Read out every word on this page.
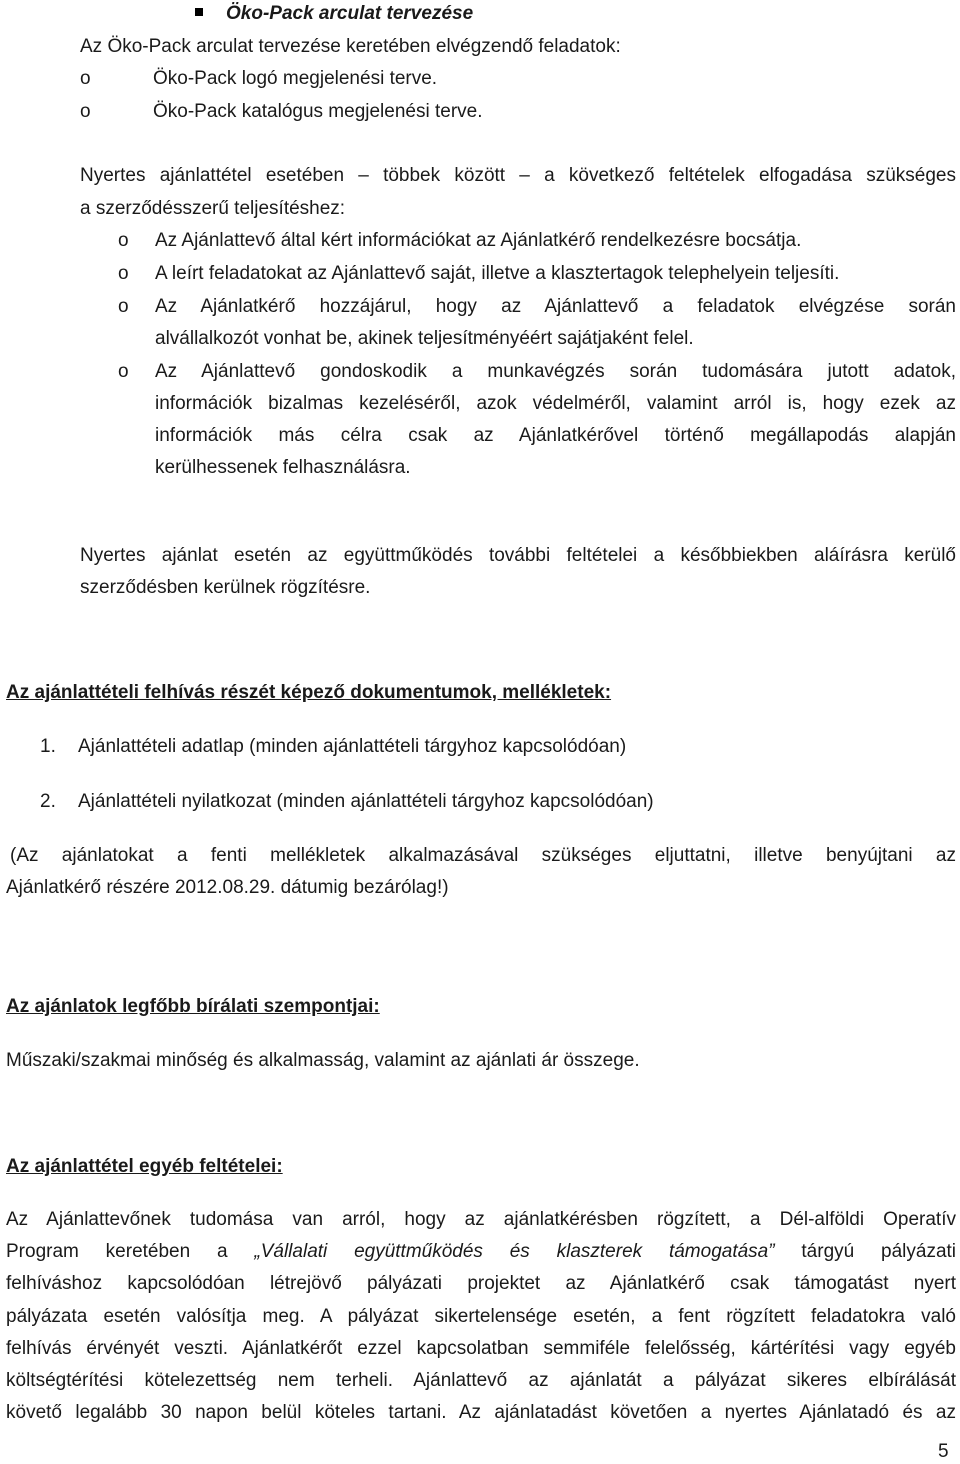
Öko-Pack arculat tervezése
Az Öko-Pack arculat tervezése keretében elvégzendő feladatok:
o	Öko-Pack logó megjelenési terve.
o	Öko-Pack katalógus megjelenési terve.
Nyertes ajánlattétel esetében – többek között – a következő feltételek elfogadása szükséges
a szerződésszerű teljesítéshez:
o Az Ajánlattevő által kért információkat az Ajánlatkérő rendelkezésre bocsátja.
o A leírt feladatokat az Ajánlattevő saját, illetve a klasztertagok telephelyein teljesíti.
o Az Ajánlatkérő hozzájárul, hogy az Ajánlattevő a feladatok elvégzése során
alvállalkozót vonhat be, akinek teljesítményéért sajátjaként felel.
o Az Ajánlattevő gondoskodik a munkavégzés során tudomására jutott adatok,
információk bizalmas kezeléséről, azok védelméről, valamint arról is, hogy ezek az
információk más célra csak az Ajánlatkérővel történő megállapodás alapján
kerülhessenek felhasználásra.
Nyertes ajánlat esetén az együttműködés további feltételei a későbbiekben aláírásra kerülő
szerződésben kerülnek rögzítésre.
Az ajánlattételi felhívás részét képező dokumentumok, mellékletek:
1. Ajánlattételi adatlap (minden ajánlattételi tárgyhoz kapcsolódóan)
2. Ajánlattételi nyilatkozat (minden ajánlattételi tárgyhoz kapcsolódóan)
(Az ajánlatokat a fenti mellékletek alkalmazásával szükséges eljuttatni, illetve benyújtani az
Ajánlatkérő részére 2012.08.29. dátumig bezárólag!)
Az ajánlatok legfőbb bírálati szempontjai:
Műszaki/szakmai minőség és alkalmasság, valamint az ajánlati ár összege.
Az ajánlattétel egyéb feltételei:
Az Ajánlattevőnek tudomása van arról, hogy az ajánlatkérésben rögzített, a Dél-alföldi Operatív
Program keretében a „Vállalati együttműködés és klaszterek támogatása” tárgyú pályázati
felhíváshoz kapcsolódóan létrejövő pályázati projektet az Ajánlatkérő csak támogatást nyert
pályázata esetén valósítja meg. A pályázat sikertelensége esetén, a fent rögzített feladatokra való
felhívás érvényét veszti. Ajánlatkérőt ezzel kapcsolatban semmiféle felelősség, kártérítési vagy egyéb
költségtérítési kötelezettség nem terheli. Ajánlattevő az ajánlatát a pályázat sikeres elbírálását
követő legalább 30 napon belül köteles tartani. Az ajánlatadást követően a nyertes Ajánlatadó és az
5
